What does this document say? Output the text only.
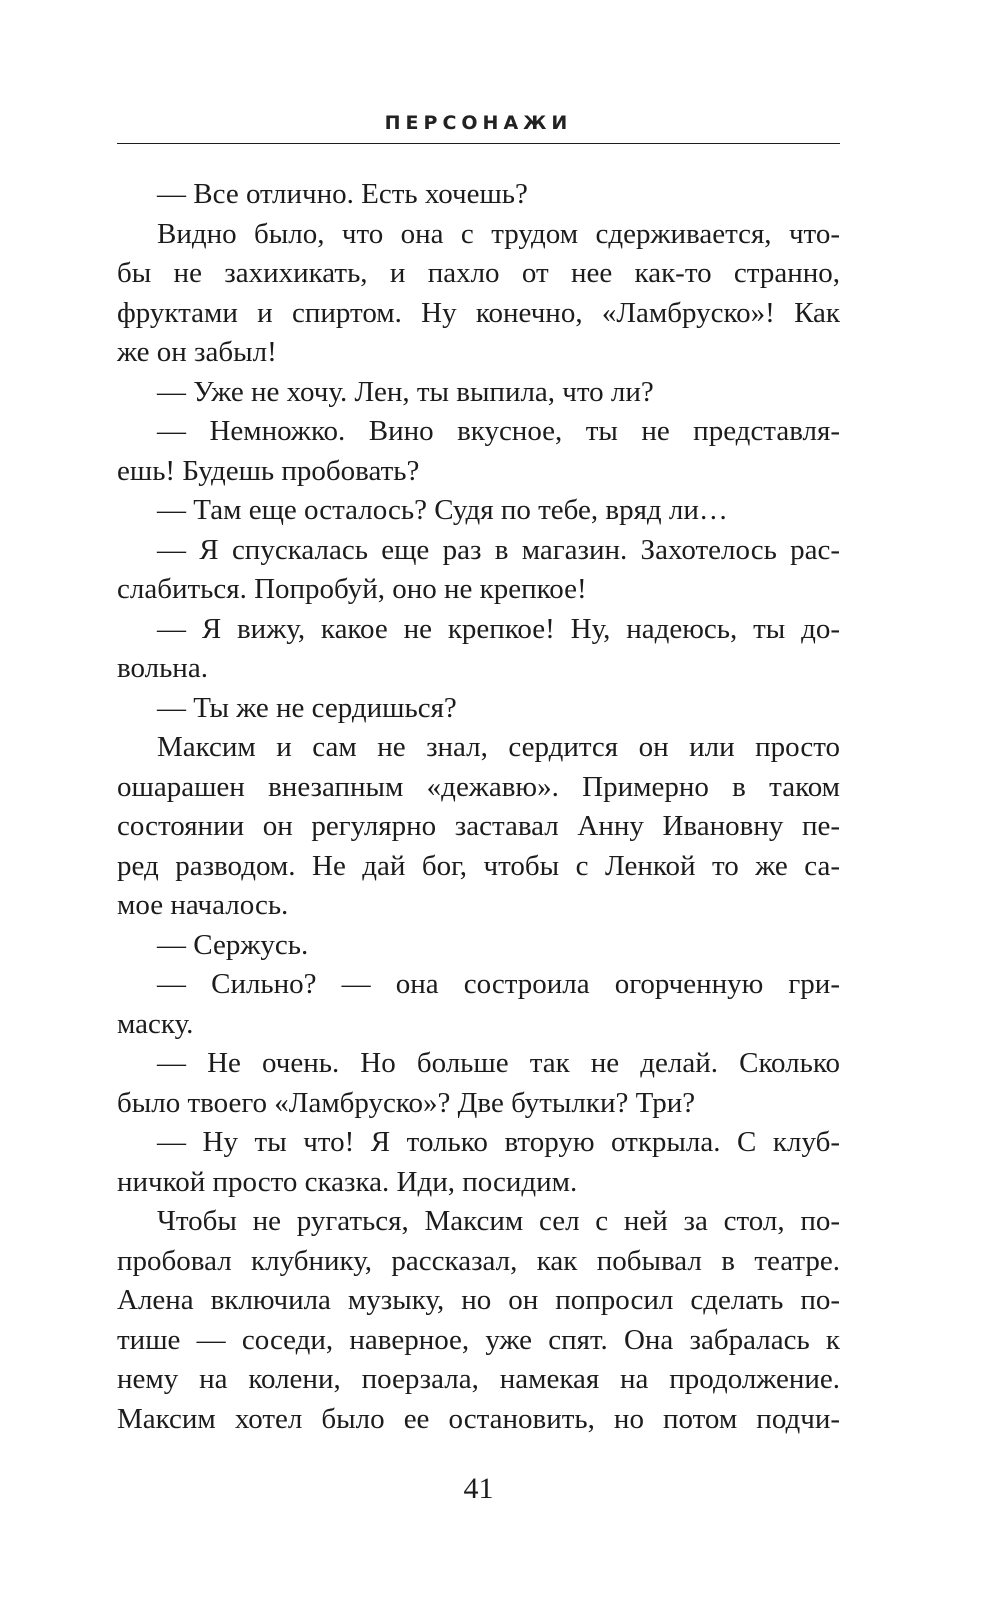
ПЕРСОНАЖИ
— Все отлично. Есть хочешь?
Видно было, что она с трудом сдерживается, что-
бы не захихикать, и пахло от нее как-то странно,
фруктами и спиртом. Ну конечно, «Ламбруско»! Как
же он забыл!
— Уже не хочу. Лен, ты выпила, что ли?
— Немножко. Вино вкусное, ты не представля-
ешь! Будешь пробовать?
— Там еще осталось? Судя по тебе, вряд ли…
— Я спускалась еще раз в магазин. Захотелось рас-
слабиться. Попробуй, оно не крепкое!
— Я вижу, какое не крепкое! Ну, надеюсь, ты до-
вольна.
— Ты же не сердишься?
Максим и сам не знал, сердится он или просто
ошарашен внезапным «дежавю». Примерно в таком
состоянии он регулярно заставал Анну Ивановну пе-
ред разводом. Не дай бог, чтобы с Ленкой то же са-
мое началось.
— Сержусь.
— Сильно? — она состроила огорченную гри-
маску.
— Не очень. Но больше так не делай. Сколько
было твоего «Ламбруско»? Две бутылки? Три?
— Ну ты что! Я только вторую открыла. С клуб-
ничкой просто сказка. Иди, посидим.
Чтобы не ругаться, Максим сел с ней за стол, по-
пробовал клубнику, рассказал, как побывал в театре.
Алена включила музыку, но он попросил сделать по-
тише — соседи, наверное, уже спят. Она забралась к
нему на колени, поерзала, намекая на продолжение.
Максим хотел было ее остановить, но потом подчи-
41
